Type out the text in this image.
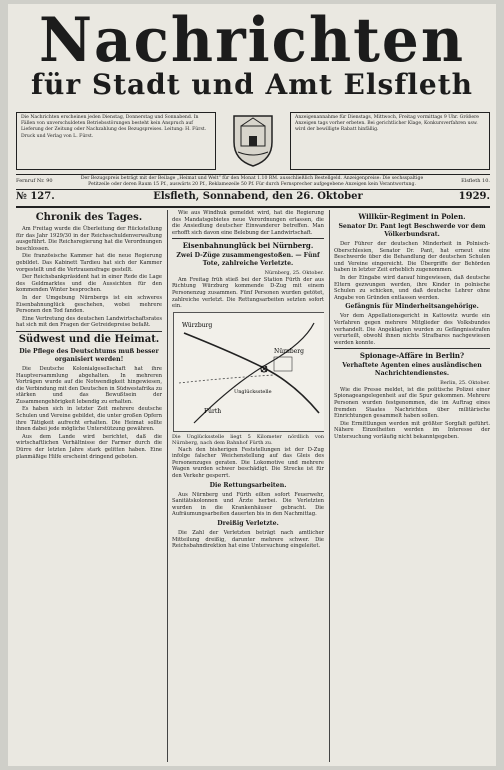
Nachrichten
für Stadt und Amt Elsfleth
Die Nachrichten erscheinen jeden Dienstag, Donnerstag und Sonnabend. In Fällen von unverschuldeten Betriebsstörungen besteht kein Anspruch auf Lieferung der Zeitung oder Nachzahlung des Bezugspreises. Leitung: H. Fürst. Druck und Verlag von L. Fürst.
Anzeigenannahme für Dienstags, Mittwoch, Freitag vormittags 9 Uhr. Größere Anzeigen tags vorher erbeten. Bei gerichtlicher Klage, Konkursverfahren usw. wird der bewilligte Rabatt hinfällig.
Fernruf Nr. 90	Der Bezugspreis beträgt mit der Beilage „Heimat und Welt“ für den Monat 1.10 RM. ausschließlich Bestellgeld. Anzeigenpreise: Die sechsspaltige Petitzeile oder deren Raum 15 Pf., auswärts 20 Pf., Reklamezeile 50 Pf. Für durch Fernsprecher aufgegebene Anzeigen kein Verantwortung.
Elsfleth 10.
№ 127.	Elsfleth, Sonnabend, den 26. Oktober	1929.
Chronik des Tages.

Am Freitag wurde die Überleitung der Rückstellung für das Jahr 1929/30 in der Reichsschuldenverwaltung ausgeführt. Die Reichsregierung hat die Verordnungen beschlossen.

Die französische Kammer hat die neue Regierung gebildet. Das Kabinett Tardieu hat sich der Kammer vorgestellt und die Vertrauensfrage gestellt.

Der Reichsbankpräsident hat in einer Rede die Lage des Geldmarktes und die Aussichten für den kommenden Winter besprochen.

In der Umgebung Nürnbergs ist ein schweres Eisenbahnunglück geschehen, wobei mehrere Personen den Tod fanden.

Eine Vertretung des deutschen Landwirtschaftsrates hat sich mit den Fragen der Getreidepreise befaßt.

Südwest und die Heimat.
Die Pflege des Deutschtums muß besser organisiert werden!

Die Deutsche Kolonialgesellschaft hat ihre Hauptversammlung abgehalten. In mehreren Vorträgen wurde auf die Notwendigkeit hingewiesen, die Verbindung mit den Deutschen in Südwestafrika zu stärken und das Bewußtsein der Zusammengehörigkeit lebendig zu erhalten.

Es haben sich in letzter Zeit mehrere deutsche Schulen und Vereine gebildet, die unter großen Opfern ihre Tätigkeit aufrecht erhalten. Die Heimat sollte ihnen dabei jede mögliche Unterstützung gewähren.

Aus dem Lande wird berichtet, daß die wirtschaftlichen Verhältnisse der Farmer durch die Dürre der letzten Jahre stark gelitten haben. Eine planmäßige Hilfe erscheint dringend geboten.

Wie aus Windhuk gemeldet wird, hat die Regierung des Mandatsgebietes neue Verordnungen erlassen, die die Ansiedlung deutscher Einwanderer betreffen. Man erhofft sich davon eine Belebung der Landwirtschaft.

Eisenbahnunglück bei Nürnberg.
Zwei D-Züge zusammengestoßen. — Fünf Tote, zahlreiche Verletzte.
Nürnberg, 25. Oktober.

Am Freitag früh stieß bei der Station Fürth der aus Richtung Würzburg kommende D-Zug mit einem Personenzug zusammen. Fünf Personen wurden getötet, zahlreiche verletzt. Die Rettungsarbeiten setzten sofort ein.

Würzburg
Fürth
Nürnberg
Unglücksstelle
Die Unglücksstelle liegt 5 Kilometer nördlich von Nürnberg, nach dem Bahnhof Fürth zu.

Nach den bisherigen Feststellungen ist der D-Zug infolge falscher Weichenstellung auf das Gleis des Personenzuges geraten. Die Lokomotive und mehrere Wagen wurden schwer beschädigt. Die Strecke ist für den Verkehr gesperrt.

Die Rettungsarbeiten.

Aus Nürnberg und Fürth eilten sofort Feuerwehr, Sanitätskolonnen und Ärzte herbei. Die Verletzten wurden in die Krankenhäuser gebracht. Die Aufräumungsarbeiten dauerten bis in den Nachmittag.

Dreißig Verletzte.

Die Zahl der Verletzten beträgt nach amtlicher Mitteilung dreißig, darunter mehrere schwer. Die Reichsbahndirektion hat eine Untersuchung eingeleitet.

Willkür-Regiment in Polen.
Senator Dr. Pant legt Beschwerde vor dem Völkerbundsrat.

Der Führer der deutschen Minderheit in Polnisch-Oberschlesien, Senator Dr. Pant, hat erneut eine Beschwerde über die Behandlung der deutschen Schulen und Vereine eingereicht. Die Übergriffe der Behörden haben in letzter Zeit erheblich zugenommen.

In der Eingabe wird darauf hingewiesen, daß deutsche Eltern gezwungen werden, ihre Kinder in polnische Schulen zu schicken, und daß deutsche Lehrer ohne Angabe von Gründen entlassen werden.

Gefängnis für Minderheitsangehörige.

Vor dem Appellationsgericht in Kattowitz wurde ein Verfahren gegen mehrere Mitglieder des Volksbundes verhandelt. Die Angeklagten wurden zu Gefängnisstrafen verurteilt, obwohl ihnen nichts Strafbares nachgewiesen werden konnte.

Spionage-Affäre in Berlin?
Verhaftete Agenten eines ausländischen Nachrichtendienstes.
Berlin, 25. Oktober.

Wie die Presse meldet, ist die politische Polizei einer Spionageangelegenheit auf die Spur gekommen. Mehrere Personen wurden festgenommen, die im Auftrag eines fremden Staates Nachrichten über militärische Einrichtungen gesammelt haben sollen.

Die Ermittlungen werden mit größter Sorgfalt geführt. Nähere Einzelheiten werden im Interesse der Untersuchung vorläufig nicht bekanntgegeben.
